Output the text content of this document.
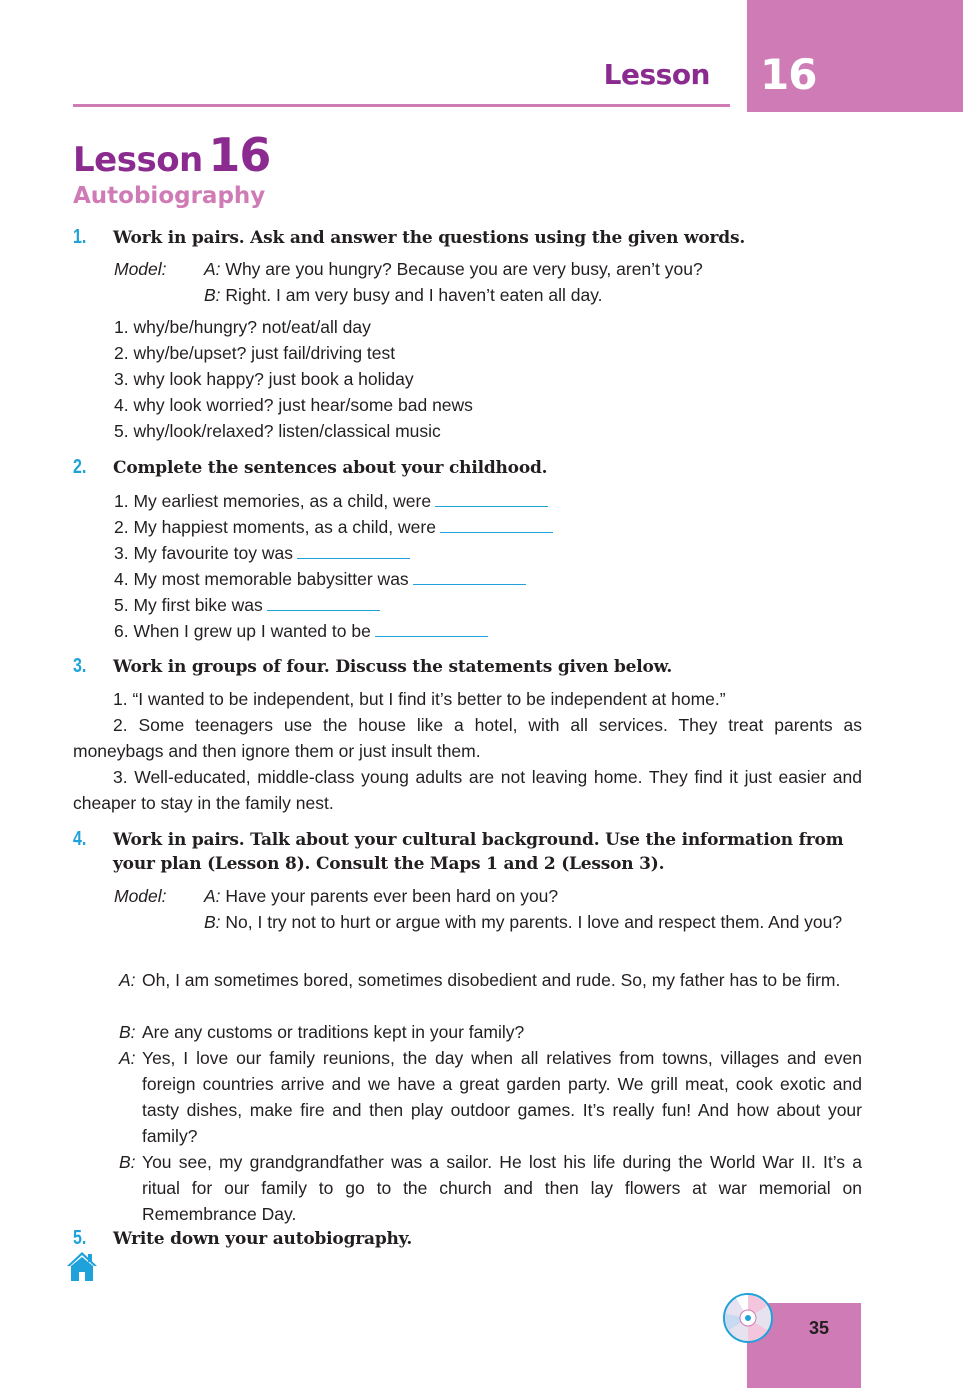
Lesson 16
Lesson 16
Autobiography
1. Work in pairs. Ask and answer the questions using the given words.
Model: A: Why are you hungry? Because you are very busy, aren’t you?
B: Right. I am very busy and I haven’t eaten all day.
1. why/be/hungry? not/eat/all day
2. why/be/upset? just fail/driving test
3. why look happy? just book a holiday
4. why look worried? just hear/some bad news
5. why/look/relaxed? listen/classical music
2. Complete the sentences about your childhood.
1. My earliest memories, as a child, were
2. My happiest moments, as a child, were
3. My favourite toy was
4. My most memorable babysitter was
5. My first bike was
6. When I grew up I wanted to be
3. Work in groups of four. Discuss the statements given below.
1. “I wanted to be independent, but I find it’s better to be independent at home.”
2. Some teenagers use the house like a hotel, with all services. They treat parents as moneybags and then ignore them or just insult them.
3. Well-educated, middle-class young adults are not leaving home. They find it just easier and cheaper to stay in the family nest.
4. Work in pairs. Talk about your cultural background. Use the information from your plan (Lesson 8). Consult the Maps 1 and 2 (Lesson 3).
Model: A: Have your parents ever been hard on you?
B: No, I try not to hurt or argue with my parents. I love and respect them. And you?
A: Oh, I am sometimes bored, sometimes disobedient and rude. So, my father has to be firm.
B: Are any customs or traditions kept in your family?
A: Yes, I love our family reunions, the day when all relatives from towns, villages and even foreign countries arrive and we have a great garden party. We grill meat, cook exotic and tasty dishes, make fire and then play outdoor games. It’s really fun! And how about your family?
B: You see, my grandgrandfather was a sailor. He lost his life during the World War II. It’s a ritual for our family to go to the church and then lay flowers at war memorial on Remembrance Day.
5. Write down your autobiography.
35
